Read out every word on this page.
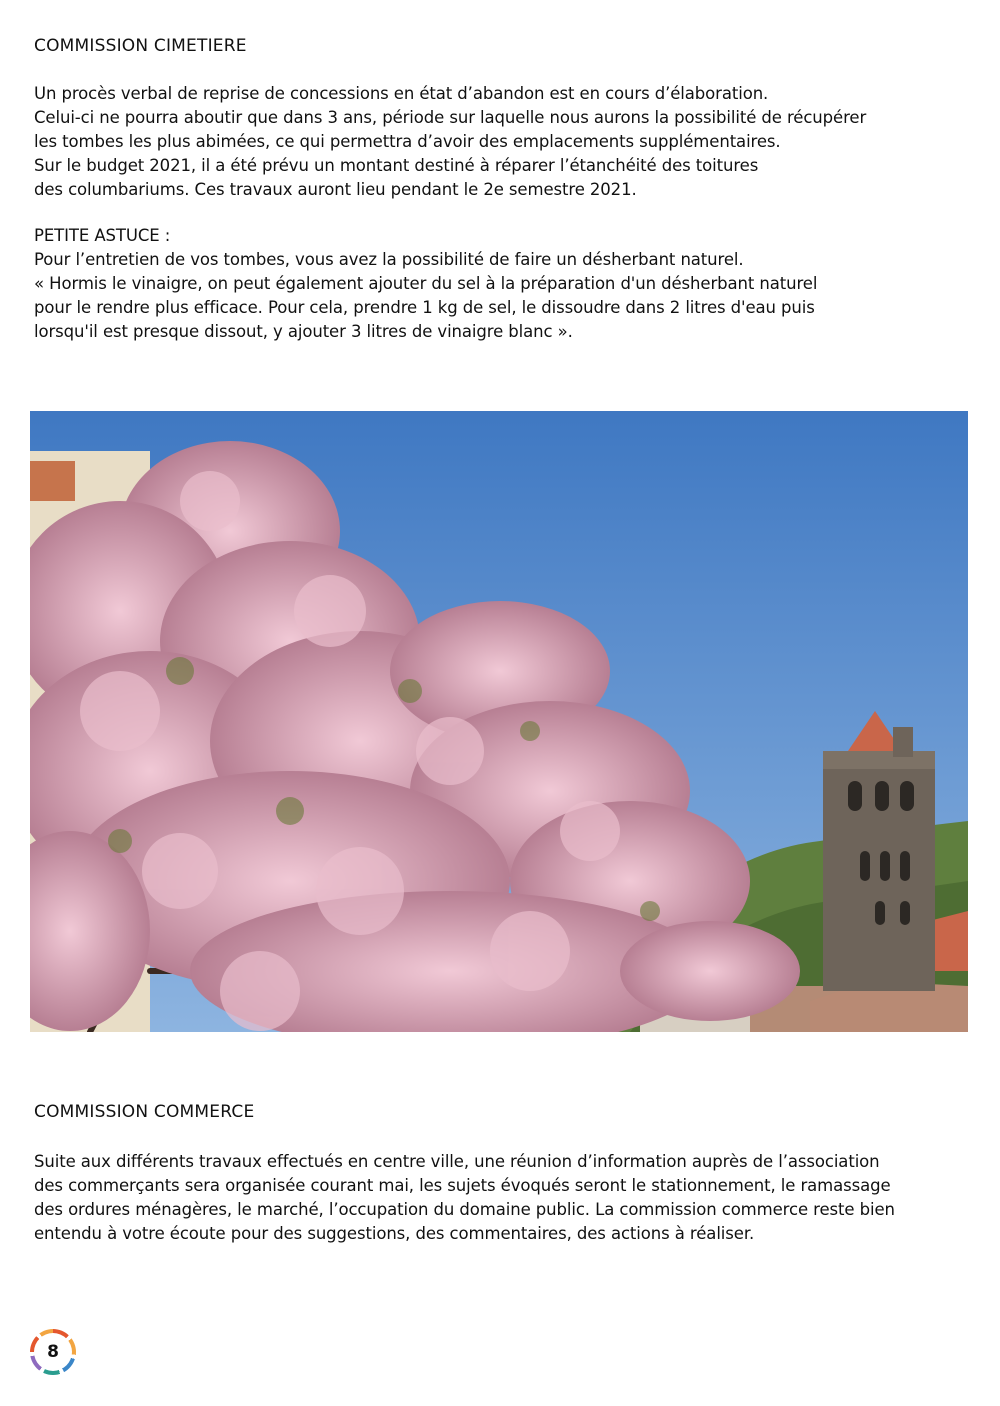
COMMISSION CIMETIERE
Un procès verbal de reprise de concessions en état d’abandon est en cours d’élaboration.
Celui-ci ne pourra aboutir que dans 3 ans, période sur laquelle nous aurons la possibilité de récupérer
les tombes les plus abimées, ce qui permettra d’avoir des emplacements supplémentaires.
Sur le budget 2021, il a été prévu un montant destiné à réparer l’étanchéité des toitures
des columbariums. Ces travaux auront lieu pendant le 2e semestre 2021.
PETITE ASTUCE :
Pour l’entretien de vos tombes, vous avez la possibilité de faire un désherbant naturel.
« Hormis le vinaigre, on peut également ajouter du sel à la préparation d'un désherbant naturel
pour le rendre plus efficace. Pour cela, prendre 1 kg de sel, le dissoudre dans 2 litres d'eau puis
lorsqu'il est presque dissout, y ajouter 3 litres de vinaigre blanc ».
COMMISSION COMMERCE
Suite aux différents travaux effectués en centre ville, une réunion d’information auprès de l’association
des commerçants sera organisée courant mai, les sujets évoqués seront le stationnement, le ramassage
des ordures ménagères, le marché, l’occupation du domaine public. La commission commerce reste bien
entendu à votre écoute pour des suggestions, des commentaires, des actions à réaliser.
8
